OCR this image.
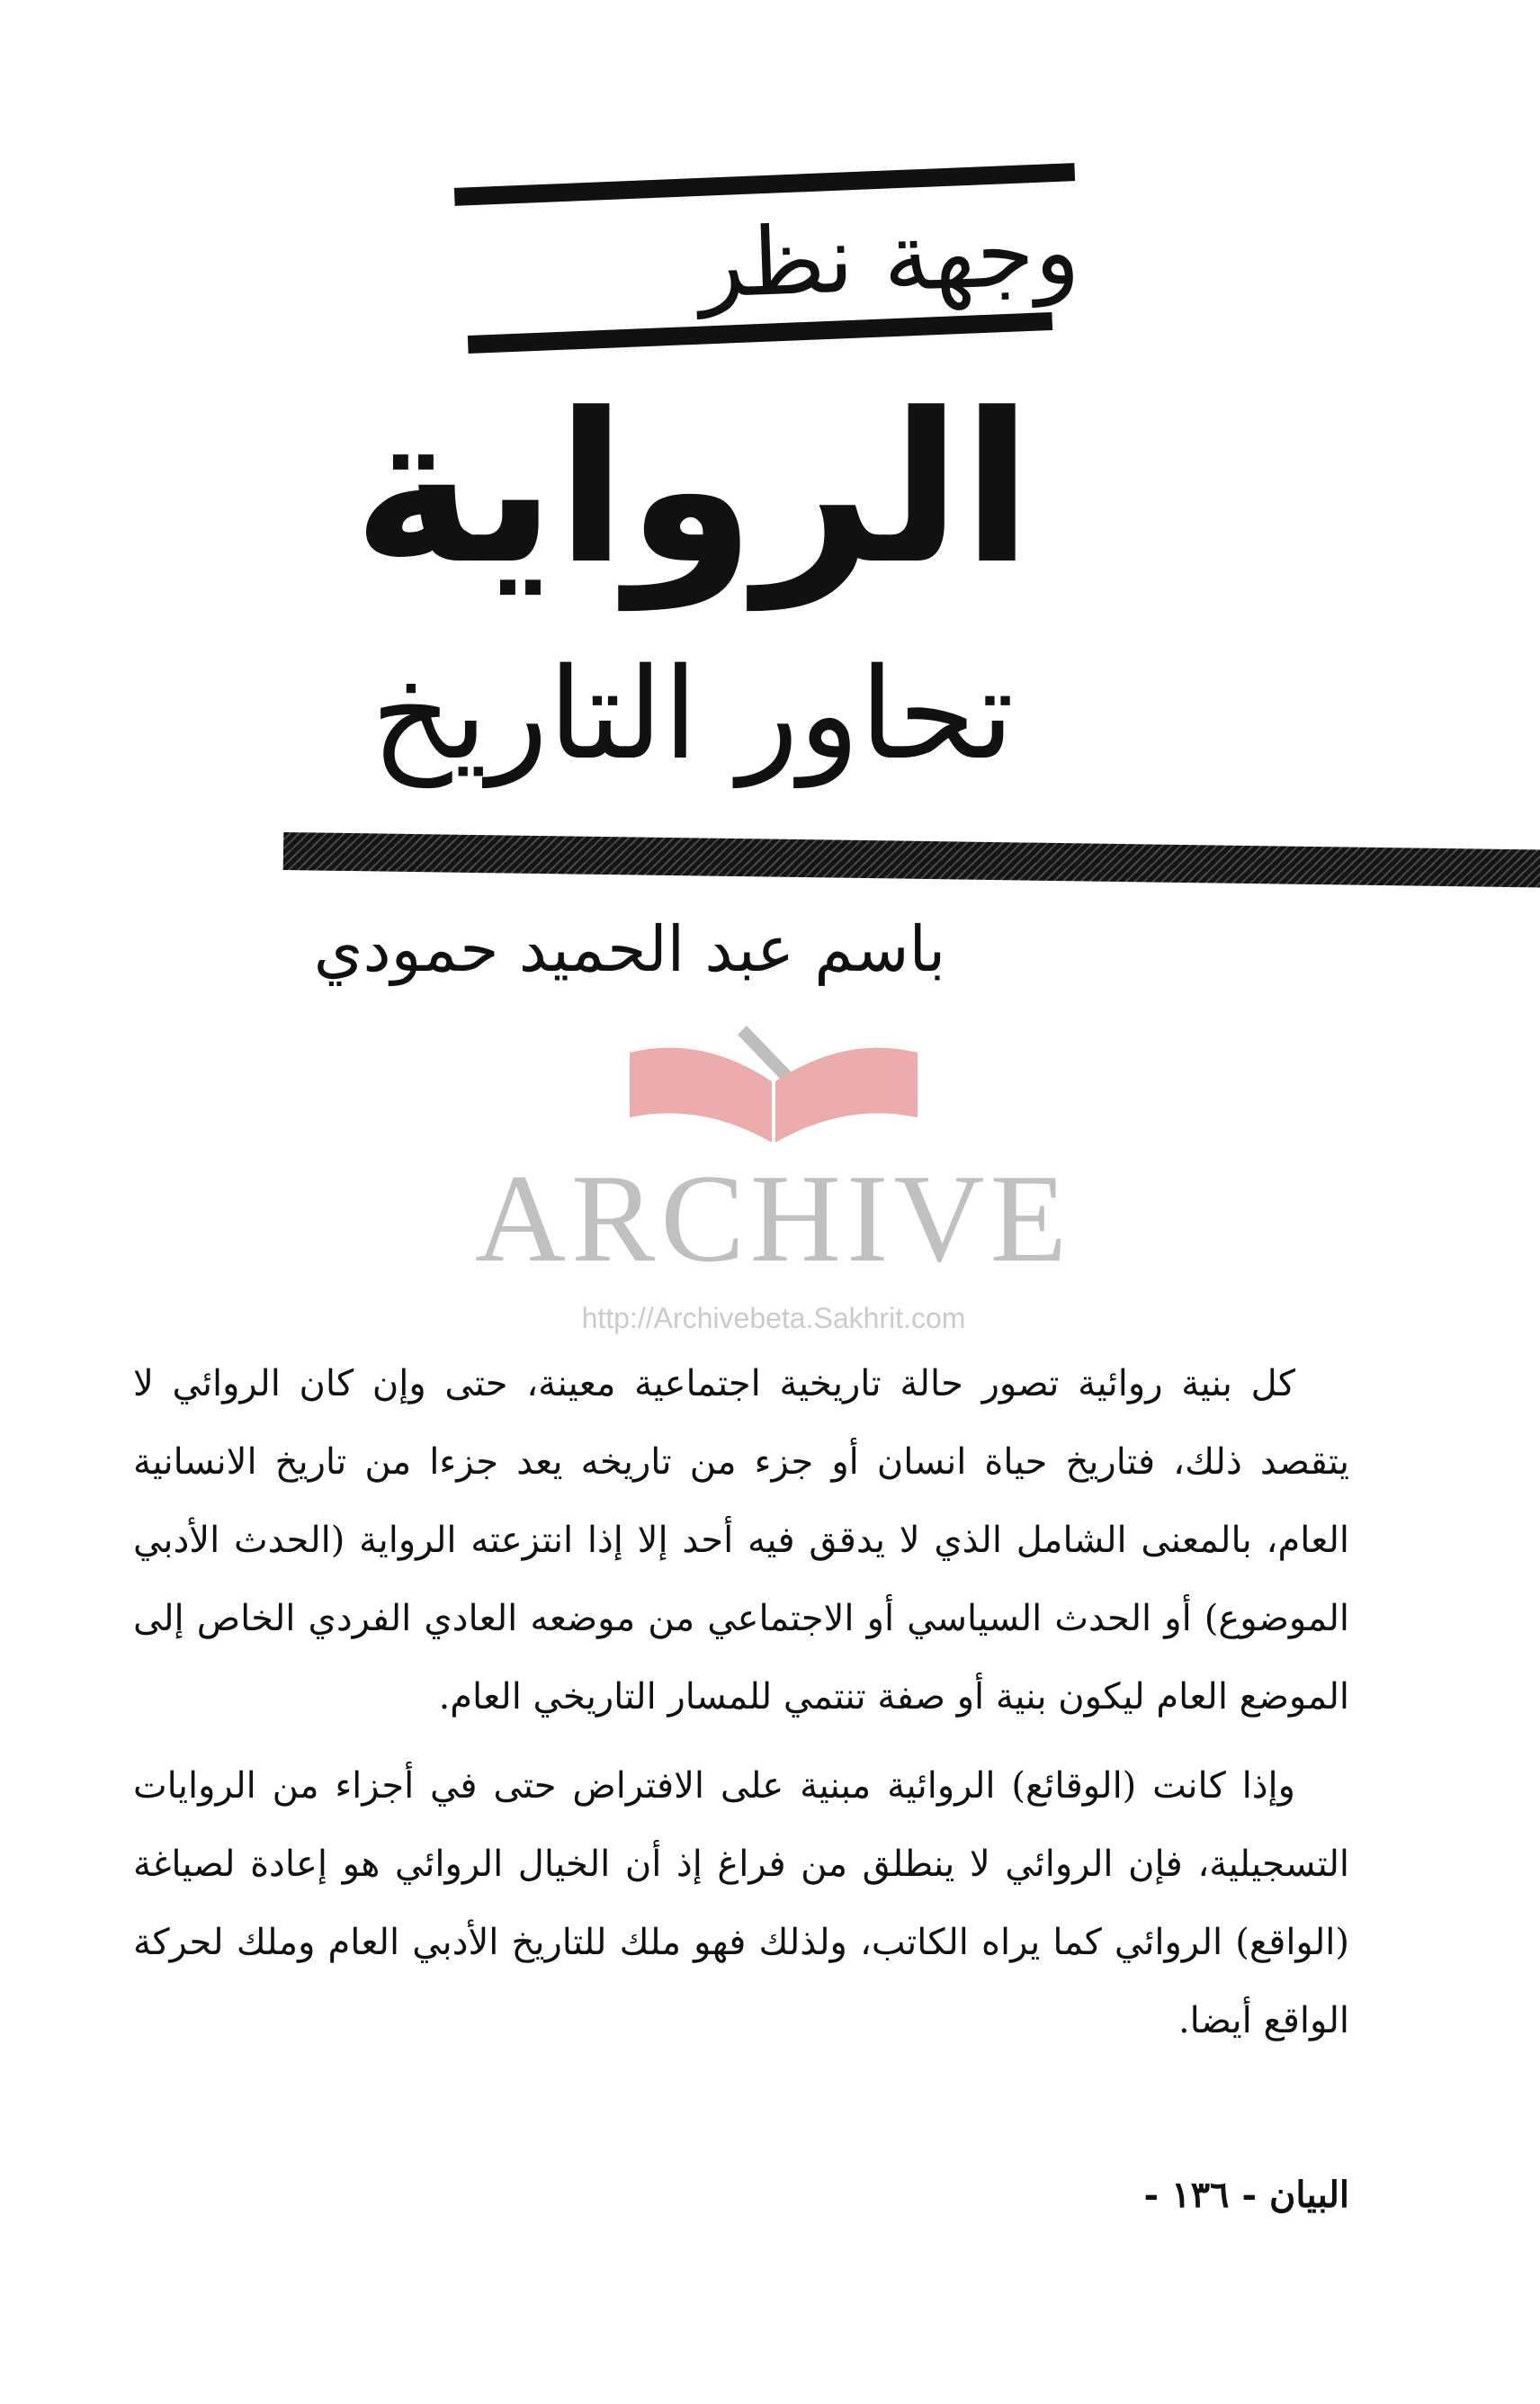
وجهة نظر
الرواية
تحاور التاريخ
باسم عبد الحميد حمودي
ARCHIVE
http://Archivebeta.Sakhrit.com

كل بنية روائية تصور حالة تاريخية اجتماعية معينة، حتى وإن كان الروائي لا يتقصد ذلك، فتاريخ حياة انسان أو جزء من تاريخه يعد جزءا من تاريخ الانسانية العام، بالمعنى الشامل الذي لا يدقق فيه أحد إلا إذا انتزعته الرواية (الحدث الأدبي الموضوع) أو الحدث السياسي أو الاجتماعي من موضعه العادي الفردي الخاص إلى الموضع العام ليكون بنية أو صفة تنتمي للمسار التاريخي العام.

وإذا كانت (الوقائع) الروائية مبنية على الافتراض حتى في أجزاء من الروايات التسجيلية، فإن الروائي لا ينطلق من فراغ إذ أن الخيال الروائي هو إعادة لصياغة (الواقع) الروائي كما يراه الكاتب، ولذلك فهو ملك للتاريخ الأدبي العام وملك لحركة الواقع أيضا.

البيان - ١٣٦ -
